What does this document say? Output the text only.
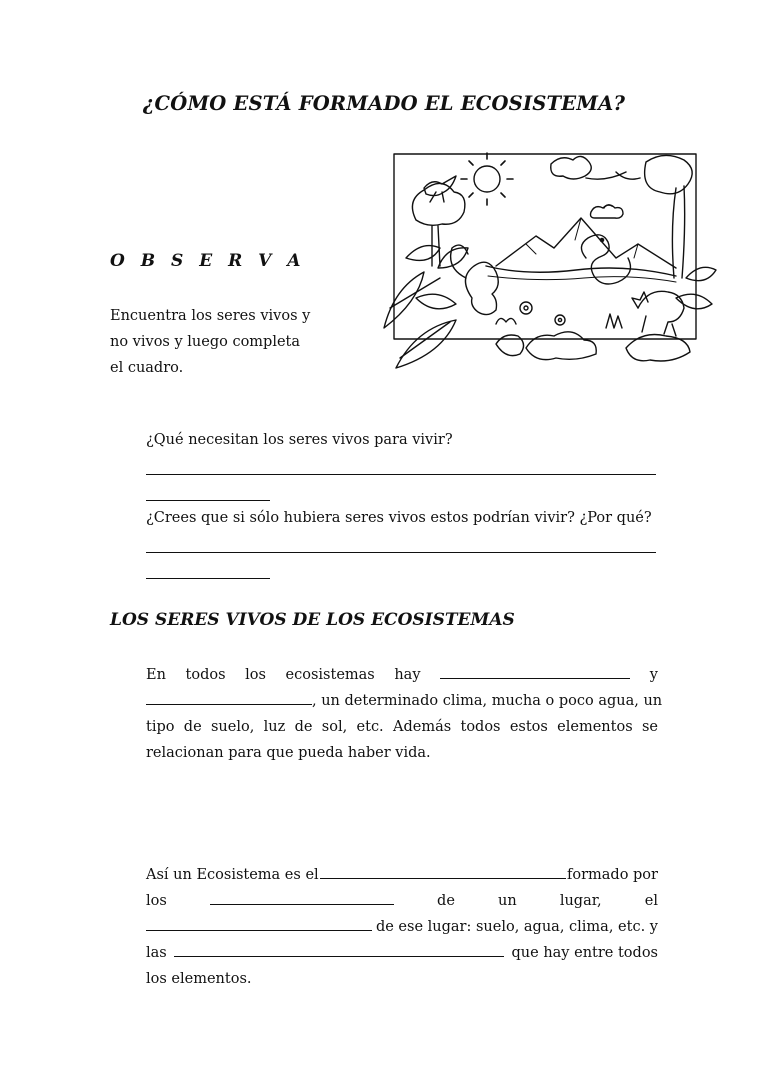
¿CÓMO ESTÁ FORMADO EL ECOSISTEMA?
O B S E R V A
Encuentra los seres vivos y
no vivos y luego completa
el cuadro.
¿Qué necesitan los seres vivos para vivir?
¿Crees que si sólo hubiera seres vivos estos podrían vivir? ¿Por qué?
LOS SERES VIVOS DE LOS ECOSISTEMAS
En todos los ecosistemas hay	y
, un determinado clima, mucha o poco agua, un
tipo de suelo, luz de sol, etc. Además todos estos elementos se
relacionan para que pueda haber vida.
Así un Ecosistema es el	formado por
los	de	un	lugar,	el
de ese lugar: suelo, agua, clima, etc. y
las	que hay entre todos
los elementos.
